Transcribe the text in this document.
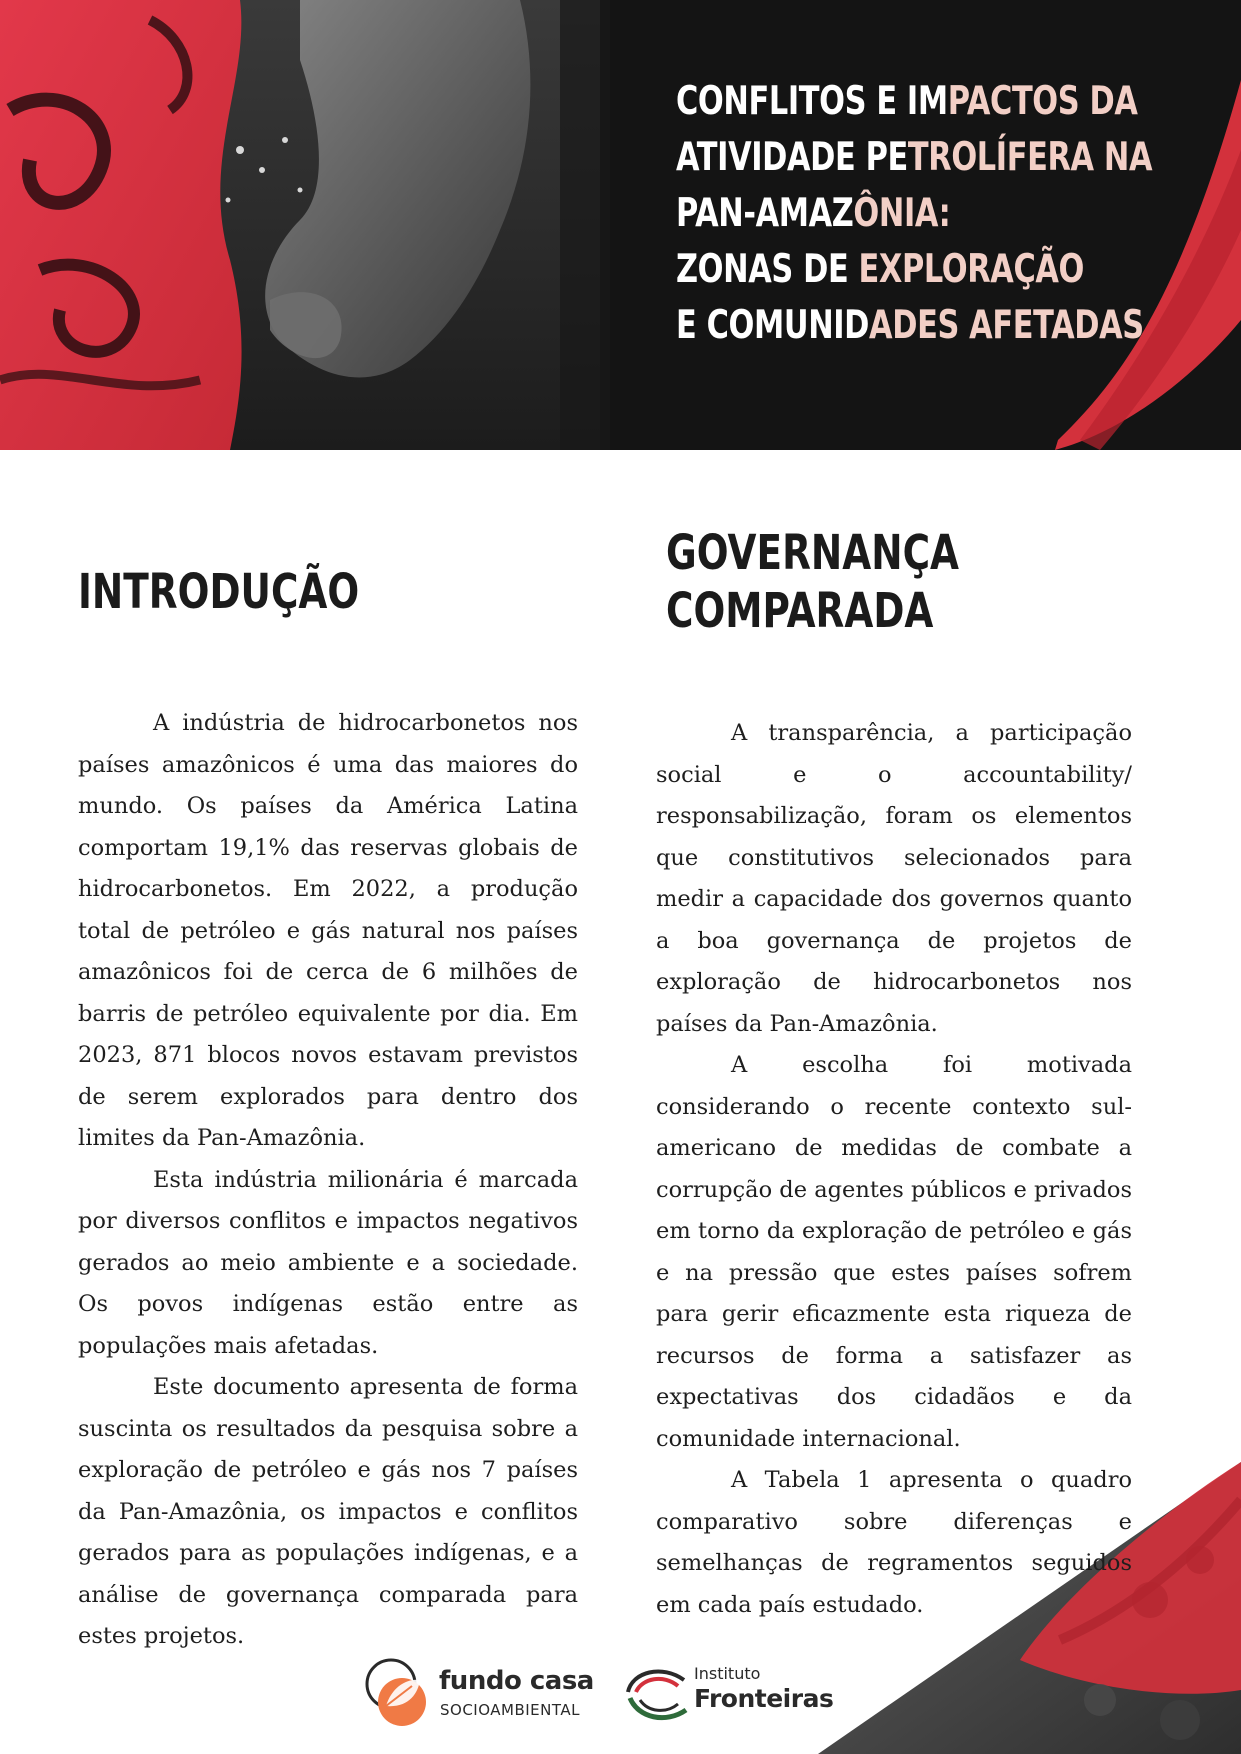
CONFLITOS E IMPACTOS DA
ATIVIDADE PETROLÍFERA NA
PAN-AMAZÔNIA:
ZONAS DE EXPLORAÇÃO
E COMUNIDADES AFETADAS
INTRODUÇÃO

A indústria de hidrocarbonetos nos países amazônicos é uma das maiores do mundo. Os países da América Latina comportam 19,1% das reservas globais de hidrocarbonetos. Em 2022, a produção total de petróleo e gás natural nos países amazônicos foi de cerca de 6 milhões de barris de petróleo equivalente por dia. Em 2023, 871 blocos novos estavam previstos de serem explorados para dentro dos limites da Pan-Amazônia.

Esta indústria milionária é marcada por diversos conflitos e impactos negativos gerados ao meio ambiente e a sociedade. Os povos indígenas estão entre as populações mais afetadas.

Este documento apresenta de forma suscinta os resultados da pesquisa sobre a exploração de petróleo e gás nos 7 países da Pan-Amazônia, os impactos e conflitos gerados para as populações indígenas, e a análise de governança comparada para estes projetos.

GOVERNANÇA
COMPARADA

A transparência, a participação social e o accountability/ responsabilização, foram os elementos que constitutivos selecionados para medir a capacidade dos governos quanto a boa governança de projetos de exploração de hidrocarbonetos nos países da Pan-Amazônia.

A escolha foi motivada considerando o recente contexto sul-americano de medidas de combate a corrupção de agentes públicos e privados em torno da exploração de petróleo e gás e na pressão que estes países sofrem para gerir eficazmente esta riqueza de recursos de forma a satisfazer as expectativas dos cidadãos e da comunidade internacional.

A Tabela 1 apresenta o quadro comparativo sobre diferenças e semelhanças de regramentos seguidos em cada país estudado.

fundo casa
SOCIOAMBIENTAL
Instituto
Fronteiras
